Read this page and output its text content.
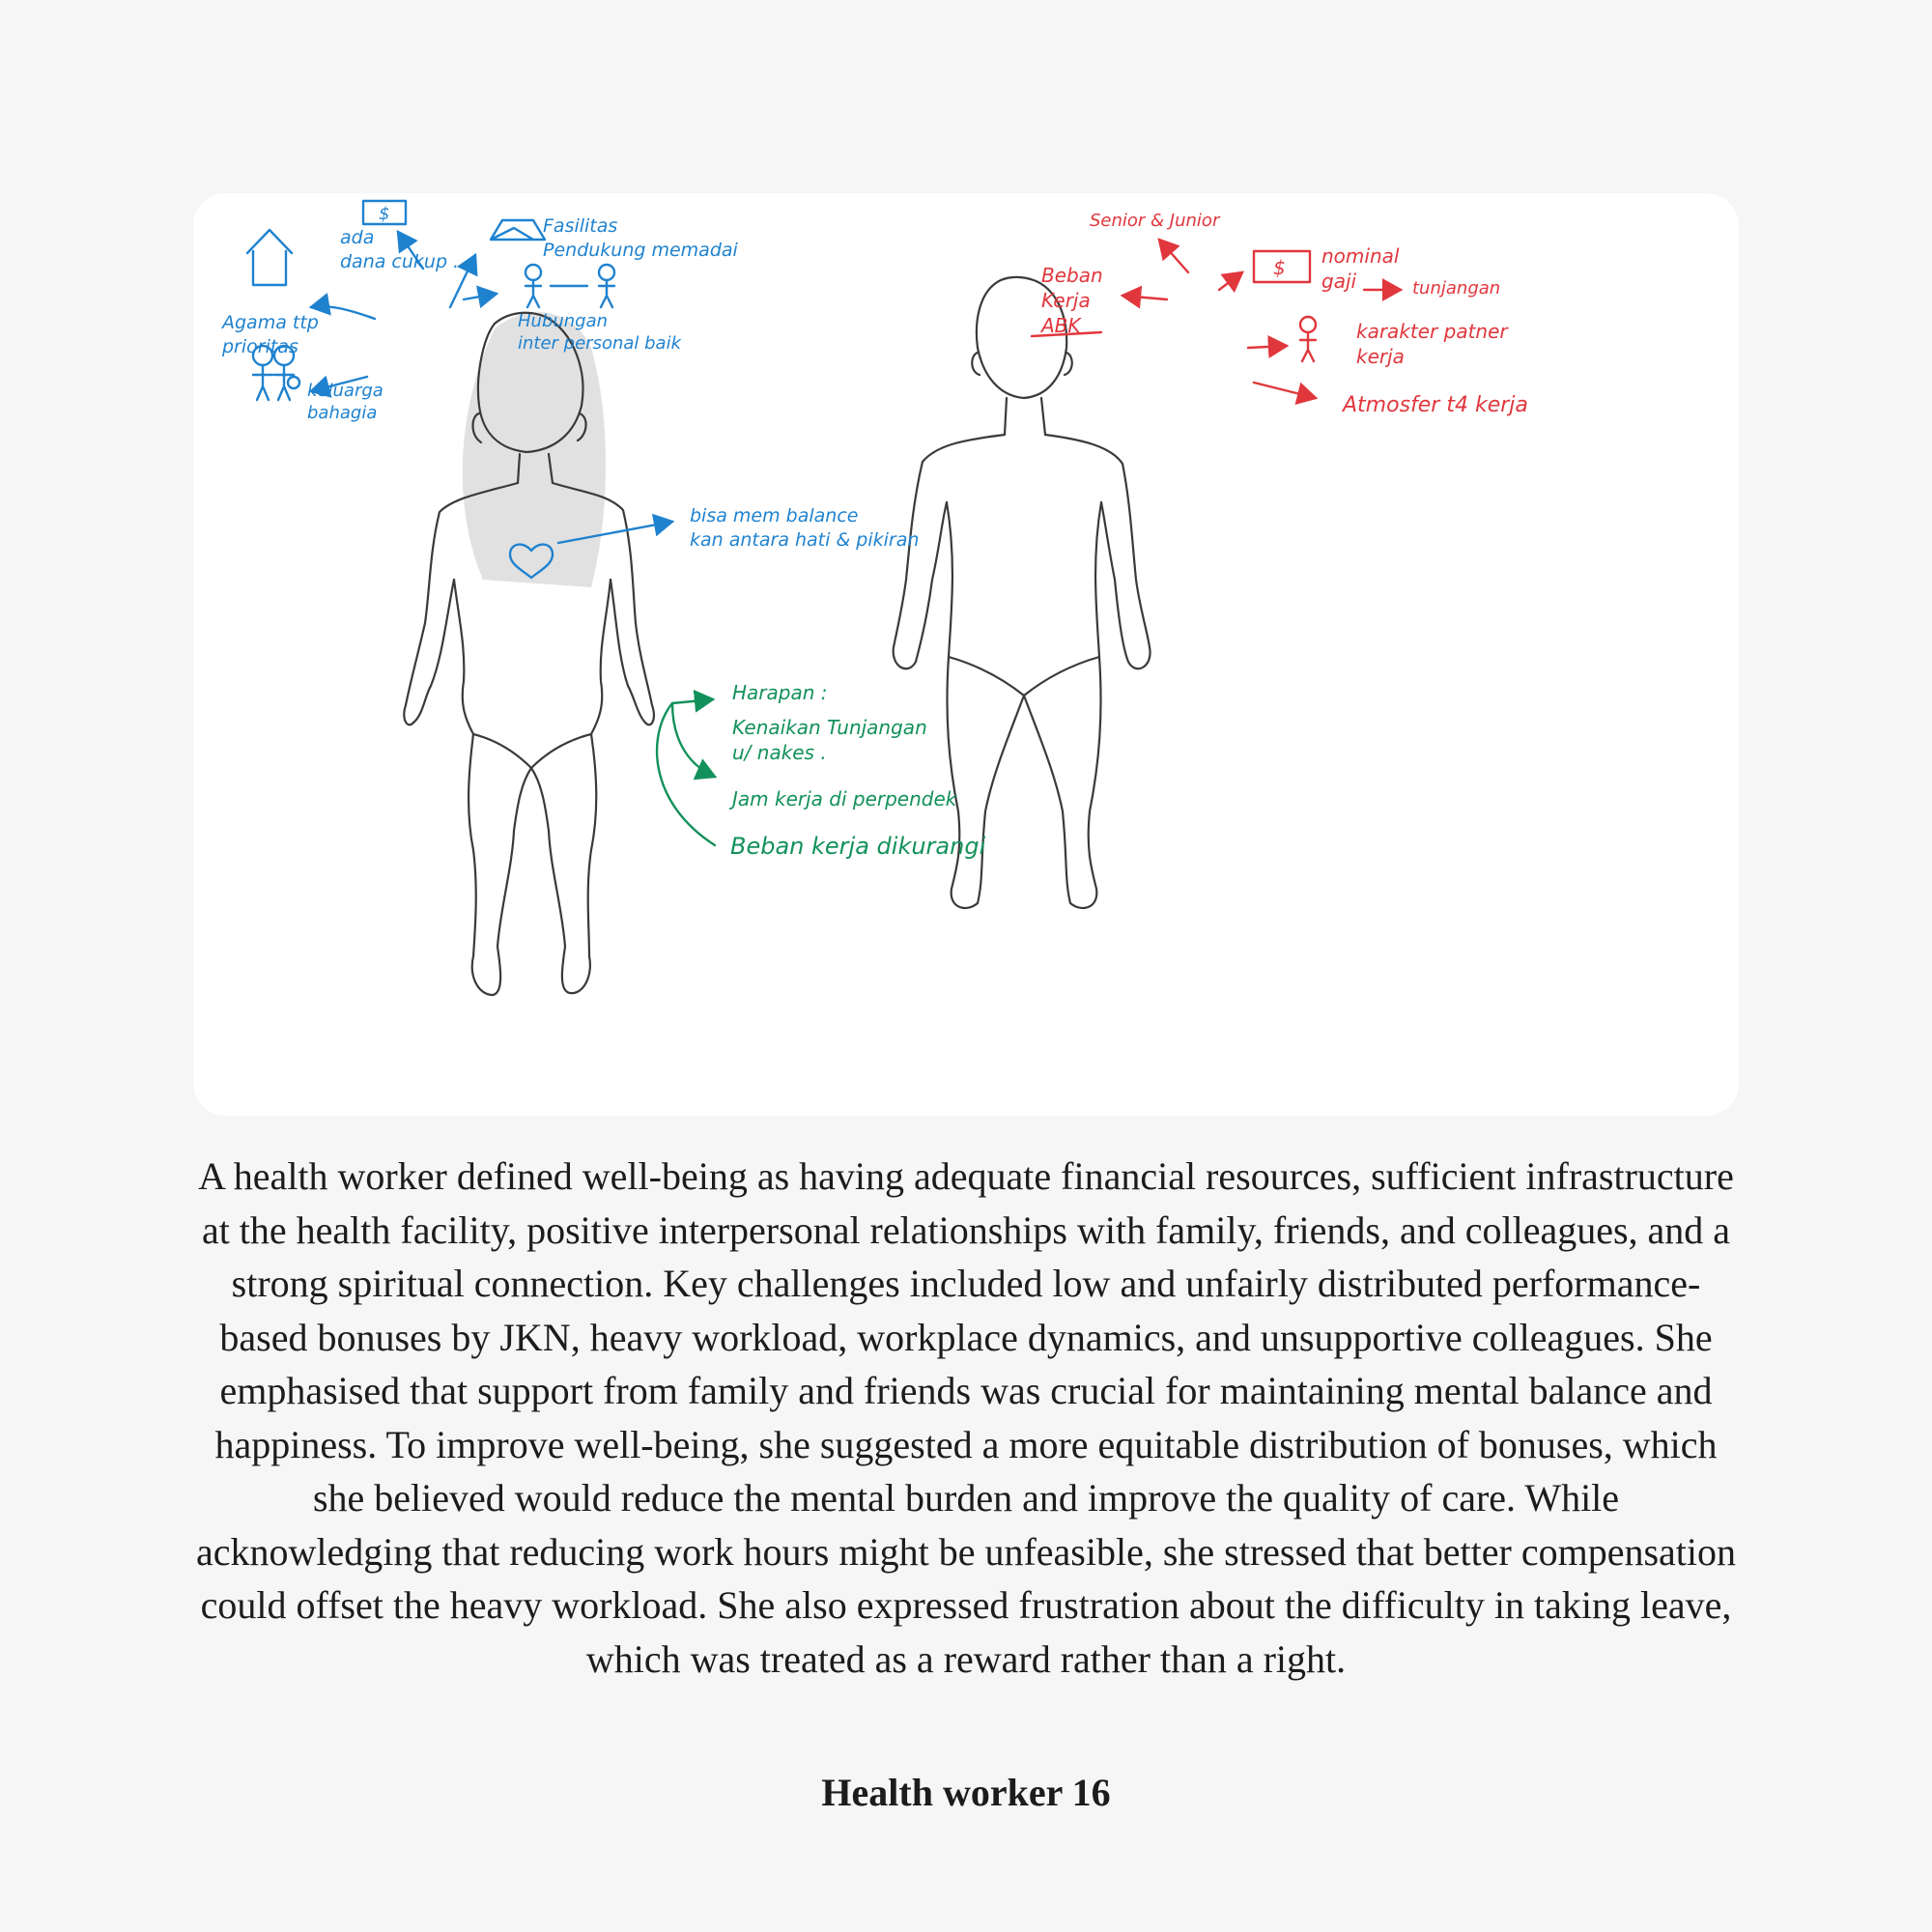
$
ada dana cukup .
Agama ttp prioritas
Fasilitas Pendukung memadai
Hubungan inter personal baik
keluarga bahagia
bisa mem balance kan antara hati & pikiran
Harapan :
Kenaikan Tunjangan u/ nakes .
Jam kerja di perpendek
Beban kerja dikurangi
Senior & Junior
Beban Kerja ABK
$ nominal gaji	tunjangan
karakter patner kerja
Atmosfer t4 kerja

A health worker defined well-being as having adequate financial resources, sufficient infrastructure at the health facility, positive interpersonal relationships with family, friends, and colleagues, and a strong spiritual connection. Key challenges included low and unfairly distributed performance-based bonuses by JKN, heavy workload, workplace dynamics, and unsupportive colleagues. She emphasised that support from family and friends was crucial for maintaining mental balance and happiness. To improve well-being, she suggested a more equitable distribution of bonuses, which she believed would reduce the mental burden and improve the quality of care. While acknowledging that reducing work hours might be unfeasible, she stressed that better compensation could offset the heavy workload. She also expressed frustration about the difficulty in taking leave, which was treated as a reward rather than a right.

Health worker 16
